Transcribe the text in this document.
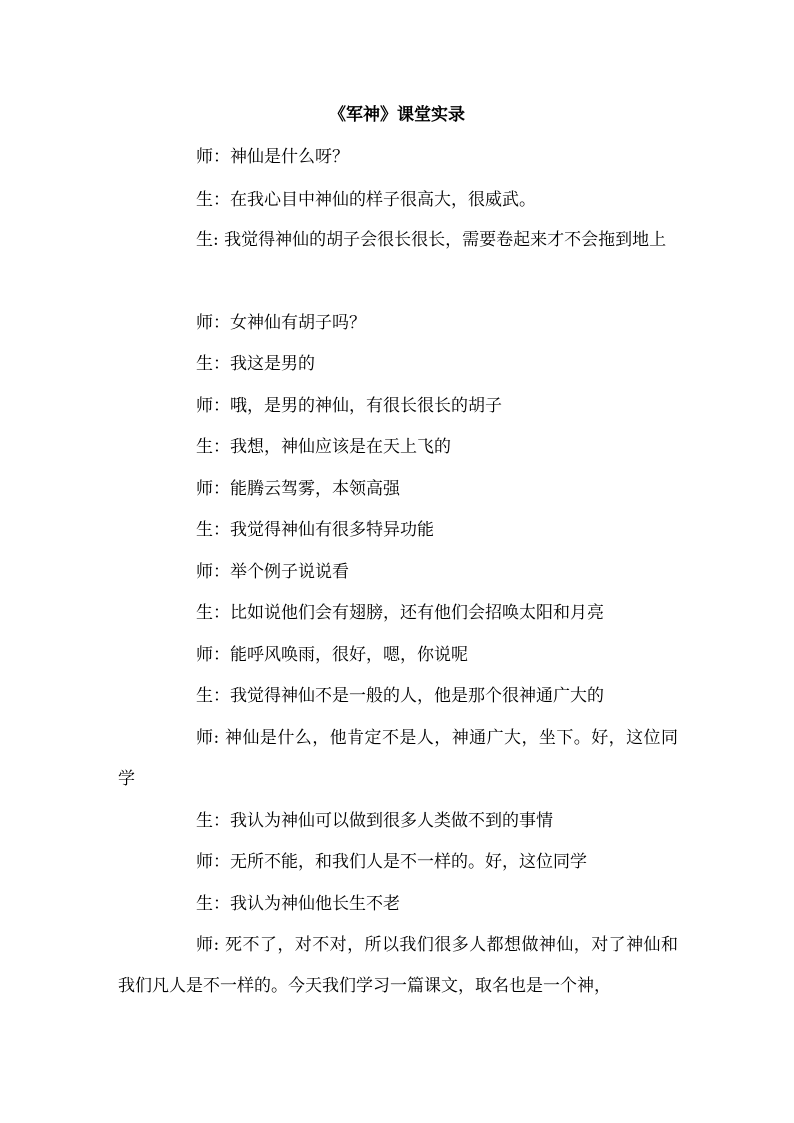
《军神》课堂实录

师：神仙是什么呀？

生：在我心目中神仙的样子很高大，很威武。

生: 我觉得神仙的胡子会很长很长，需要卷起来才不会拖到地上

师：女神仙有胡子吗？

生：我这是男的

师：哦，是男的神仙，有很长很长的胡子

生：我想，神仙应该是在天上飞的

师：能腾云驾雾，本领高强

生：我觉得神仙有很多特异功能

师：举个例子说说看

生：比如说他们会有翅膀，还有他们会招唤太阳和月亮

师：能呼风唤雨，很好，嗯，你说呢

生：我觉得神仙不是一般的人，他是那个很神通广大的

师: 神仙是什么，他肯定不是人，神通广大，坐下。好，这位同学

生：我认为神仙可以做到很多人类做不到的事情

师：无所不能，和我们人是不一样的。好，这位同学

生：我认为神仙他长生不老

师: 死不了，对不对，所以我们很多人都想做神仙，对了神仙和我们凡人是不一样的。今天我们学习一篇课文，取名也是一个神，
